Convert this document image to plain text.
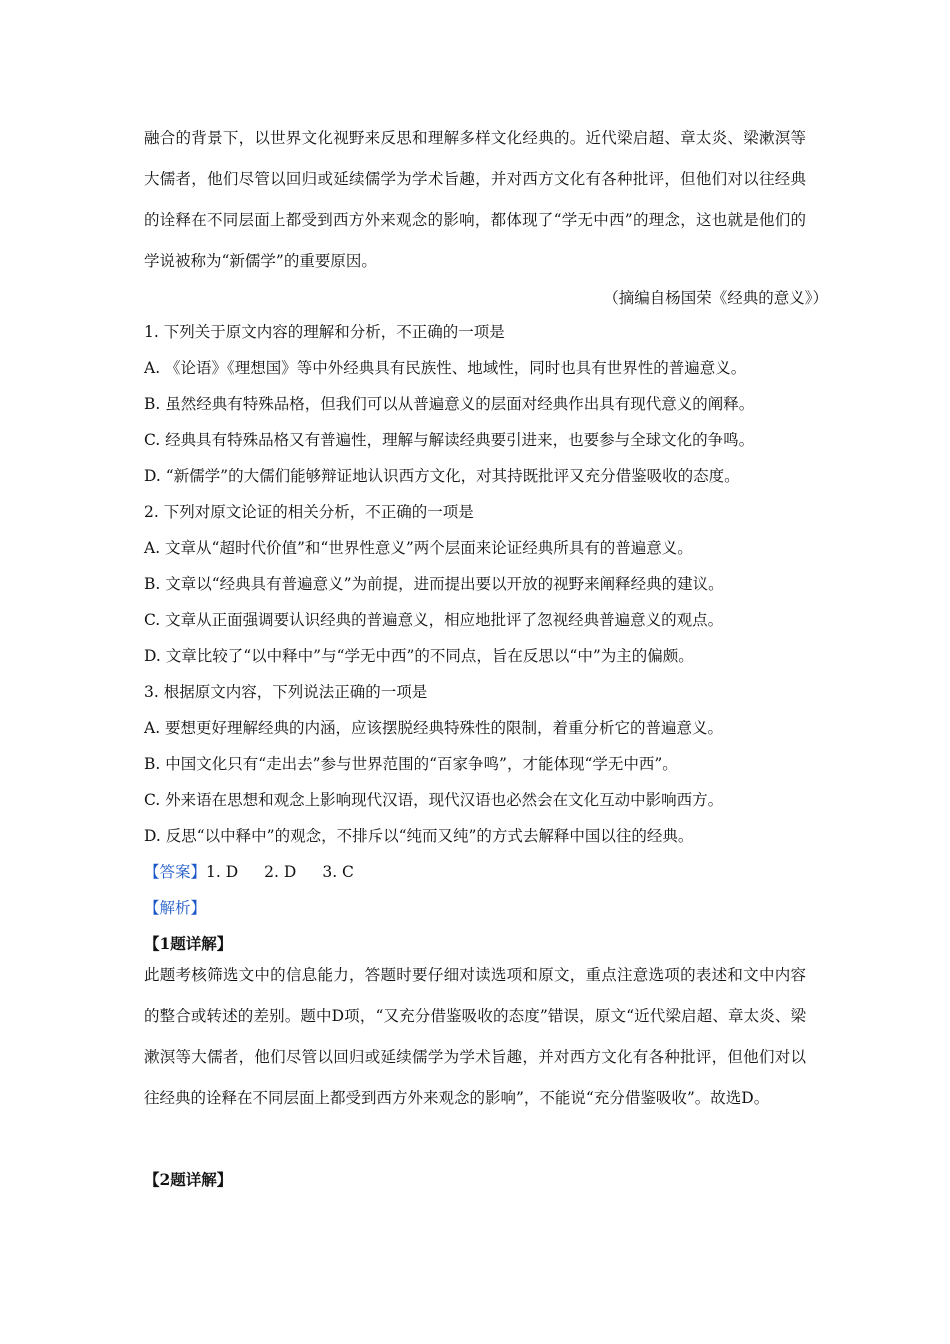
融合的背景下，以世界文化视野来反思和理解多样文化经典的。近代梁启超、章太炎、梁漱溟等大儒者，他们尽管以回归或延续儒学为学术旨趣，并对西方文化有各种批评，但他们对以往经典的诠释在不同层面上都受到西方外来观念的影响，都体现了“学无中西”的理念，这也就是他们的学说被称为“新儒学”的重要原因。

（摘编自杨国荣《经典的意义》）

1. 下列关于原文内容的理解和分析，不正确的一项是

A. 《论语》《理想国》等中外经典具有民族性、地域性，同时也具有世界性的普遍意义。

B. 虽然经典有特殊品格，但我们可以从普遍意义的层面对经典作出具有现代意义的阐释。

C. 经典具有特殊品格又有普遍性，理解与解读经典要引进来，也要参与全球文化的争鸣。

D. “新儒学”的大儒们能够辩证地认识西方文化，对其持既批评又充分借鉴吸收的态度。

2. 下列对原文论证的相关分析，不正确的一项是

A. 文章从“超时代价值”和“世界性意义”两个层面来论证经典所具有的普遍意义。

B. 文章以“经典具有普遍意义”为前提，进而提出要以开放的视野来阐释经典的建议。

C. 文章从正面强调要认识经典的普遍意义，相应地批评了忽视经典普遍意义的观点。

D. 文章比较了“以中释中”与“学无中西”的不同点，旨在反思以“中”为主的偏颇。

3. 根据原文内容，下列说法正确的一项是

A. 要想更好理解经典的内涵，应该摆脱经典特殊性的限制，着重分析它的普遍意义。

B. 中国文化只有“走出去”参与世界范围的“百家争鸣”，才能体现“学无中西”。

C. 外来语在思想和观念上影响现代汉语，现代汉语也必然会在文化互动中影响西方。

D. 反思“以中释中”的观念，不排斥以“纯而又纯”的方式去解释中国以往的经典。

【答案】1. D 2. D 3. C

【解析】

【1题详解】

此题考核筛选文中的信息能力，答题时要仔细对读选项和原文，重点注意选项的表述和文中内容的整合或转述的差别。题中D项，“又充分借鉴吸收的态度”错误，原文“近代梁启超、章太炎、梁漱溟等大儒者，他们尽管以回归或延续儒学为学术旨趣，并对西方文化有各种批评，但他们对以往经典的诠释在不同层面上都受到西方外来观念的影响”，不能说“充分借鉴吸收”。故选D。

【2题详解】
